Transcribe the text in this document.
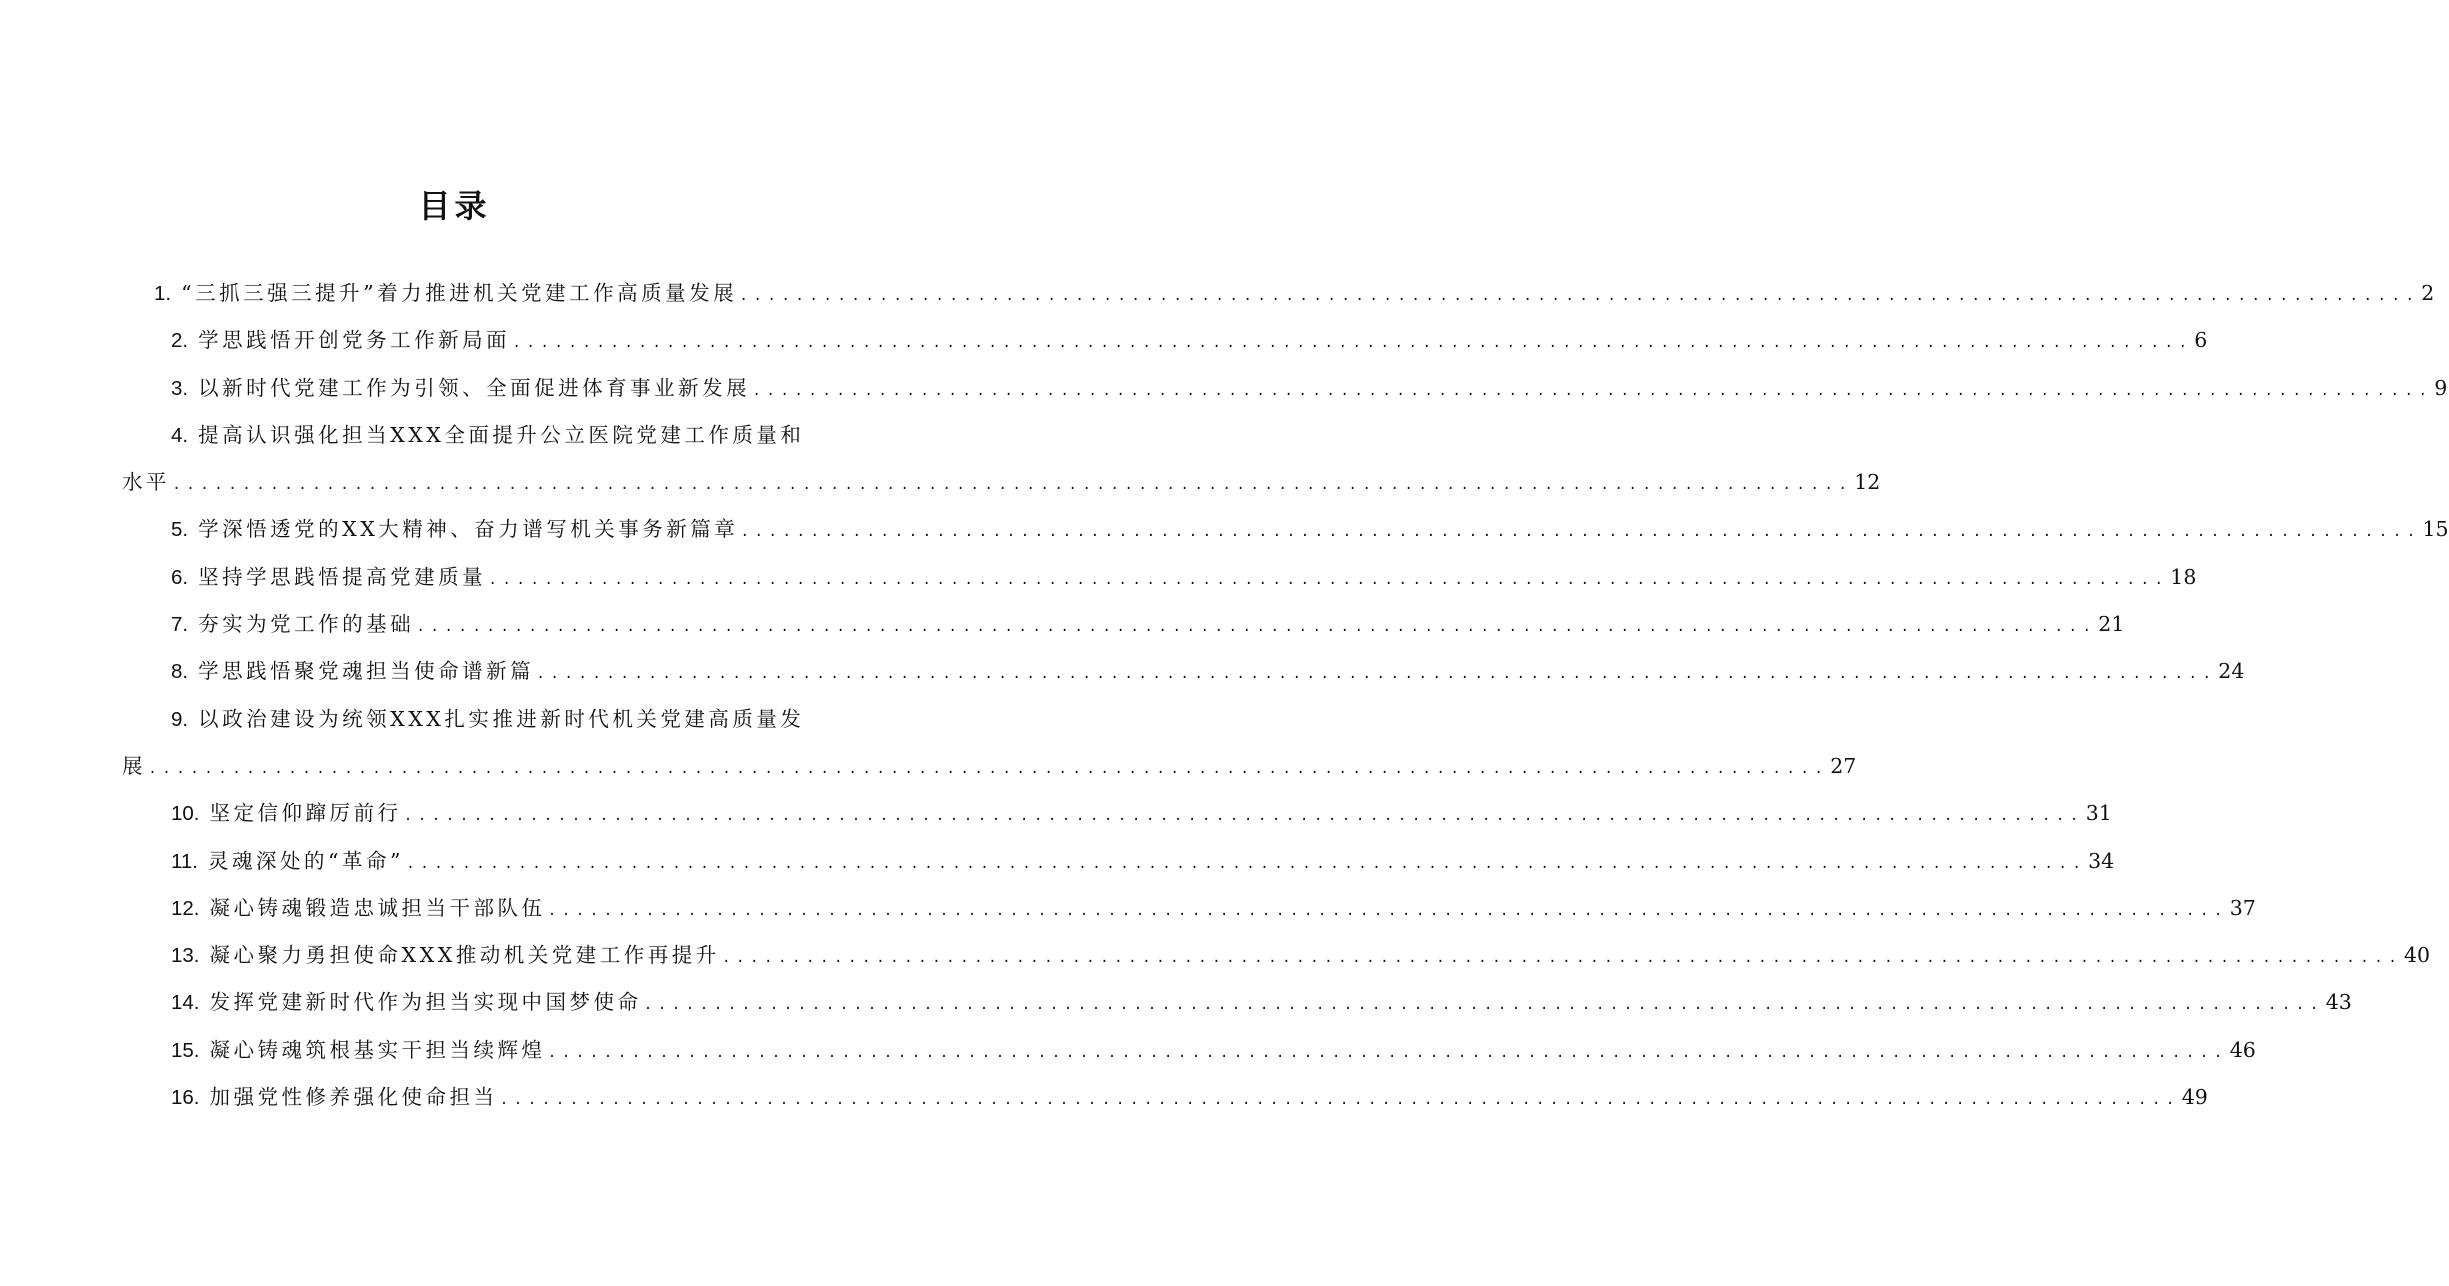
目录
1. “三抓三强三提升”着力推进机关党建工作高质量发展 ........................................................................................................................ 2
2. 学思践悟开创党务工作新局面 ........................................................................................................................ 6
3. 以新时代党建工作为引领、全面促进体育事业新发展 ........................................................................................................................ 9
4. 提高认识强化担当XXX全面提升公立医院党建工作质量和
水平 ........................................................................................................................ 12
5. 学深悟透党的XX大精神、奋力谱写机关事务新篇章 ........................................................................................................................ 15
6. 坚持学思践悟提高党建质量 ........................................................................................................................ 18
7. 夯实为党工作的基础 ........................................................................................................................ 21
8. 学思践悟聚党魂担当使命谱新篇 ........................................................................................................................ 24
9. 以政治建设为统领XXX扎实推进新时代机关党建高质量发
展 ........................................................................................................................ 27
10. 坚定信仰蹿厉前行 ........................................................................................................................ 31
11. 灵魂深处的“革命” ........................................................................................................................ 34
12. 凝心铸魂锻造忠诚担当干部队伍 ........................................................................................................................ 37
13. 凝心聚力勇担使命XXX推动机关党建工作再提升 ........................................................................................................................ 40
14. 发挥党建新时代作为担当实现中国梦使命 ........................................................................................................................ 43
15. 凝心铸魂筑根基实干担当续辉煌 ........................................................................................................................ 46
16. 加强党性修养强化使命担当 ........................................................................................................................ 49
